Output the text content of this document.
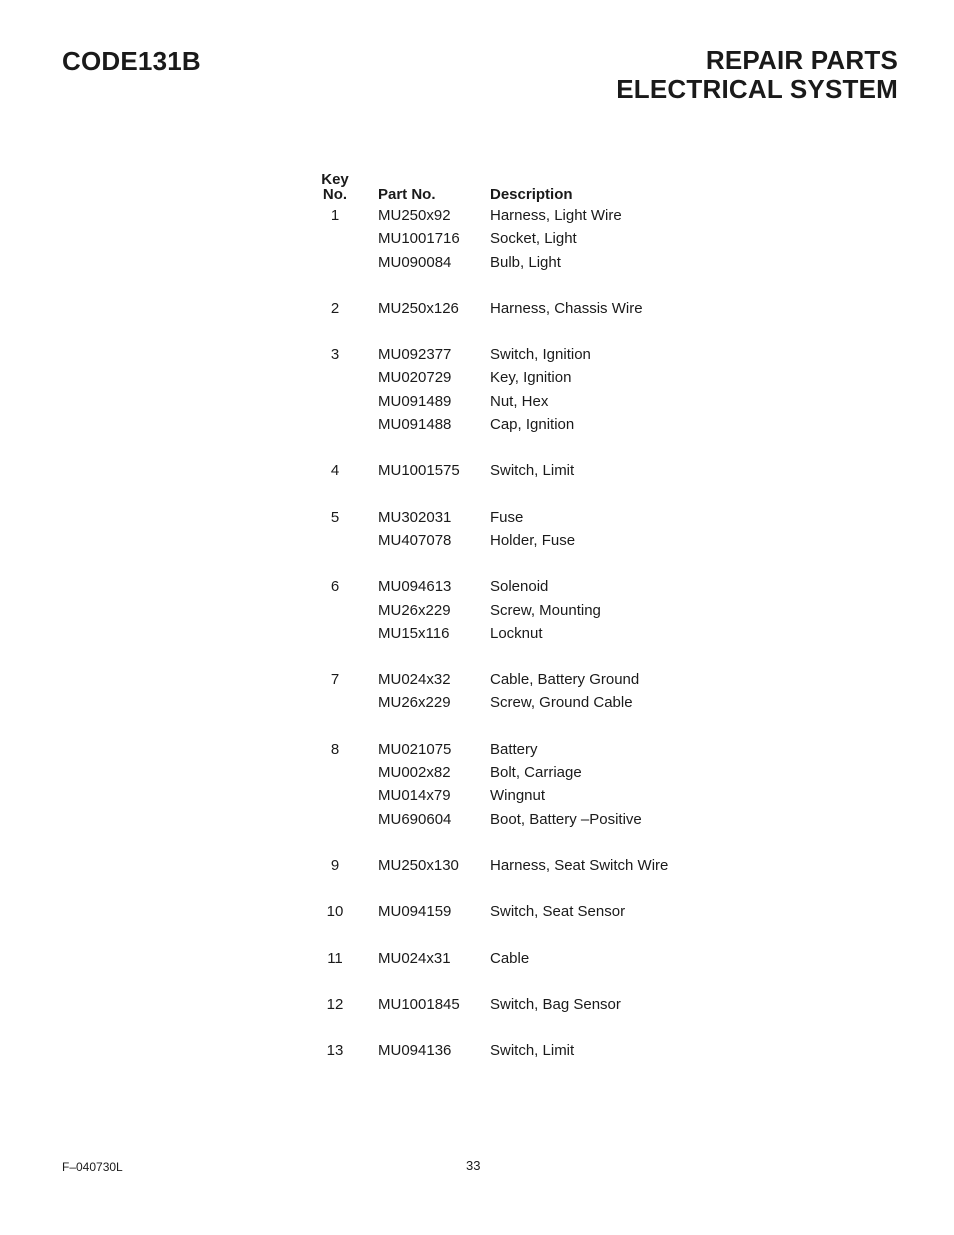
CODE131B	REPAIR PARTS
ELECTRICAL SYSTEM
Key
No.	Part No.	Description
1	MU250x92	Harness, Light Wire
MU1001716 Socket, Light
MU090084	Bulb, Light
2	MU250x126 Harness, Chassis Wire
3	MU092377	Switch, Ignition
MU020729	Key, Ignition
MU091489	Nut, Hex
MU091488	Cap, Ignition
4	MU1001575 Switch, Limit
5	MU302031	Fuse
MU407078	Holder, Fuse
6	MU094613	Solenoid
MU26x229	Screw, Mounting
MU15x116	Locknut
7	MU024x32	Cable, Battery Ground
MU26x229	Screw, Ground Cable
8	MU021075	Battery
MU002x82	Bolt, Carriage
MU014x79	Wingnut
MU690604	Boot, Battery –Positive
9	MU250x130 Harness, Seat Switch Wire
10	MU094159	Switch, Seat Sensor
11	MU024x31	Cable
12	MU1001845 Switch, Bag Sensor
13	MU094136	Switch, Limit
F–040730L	33
